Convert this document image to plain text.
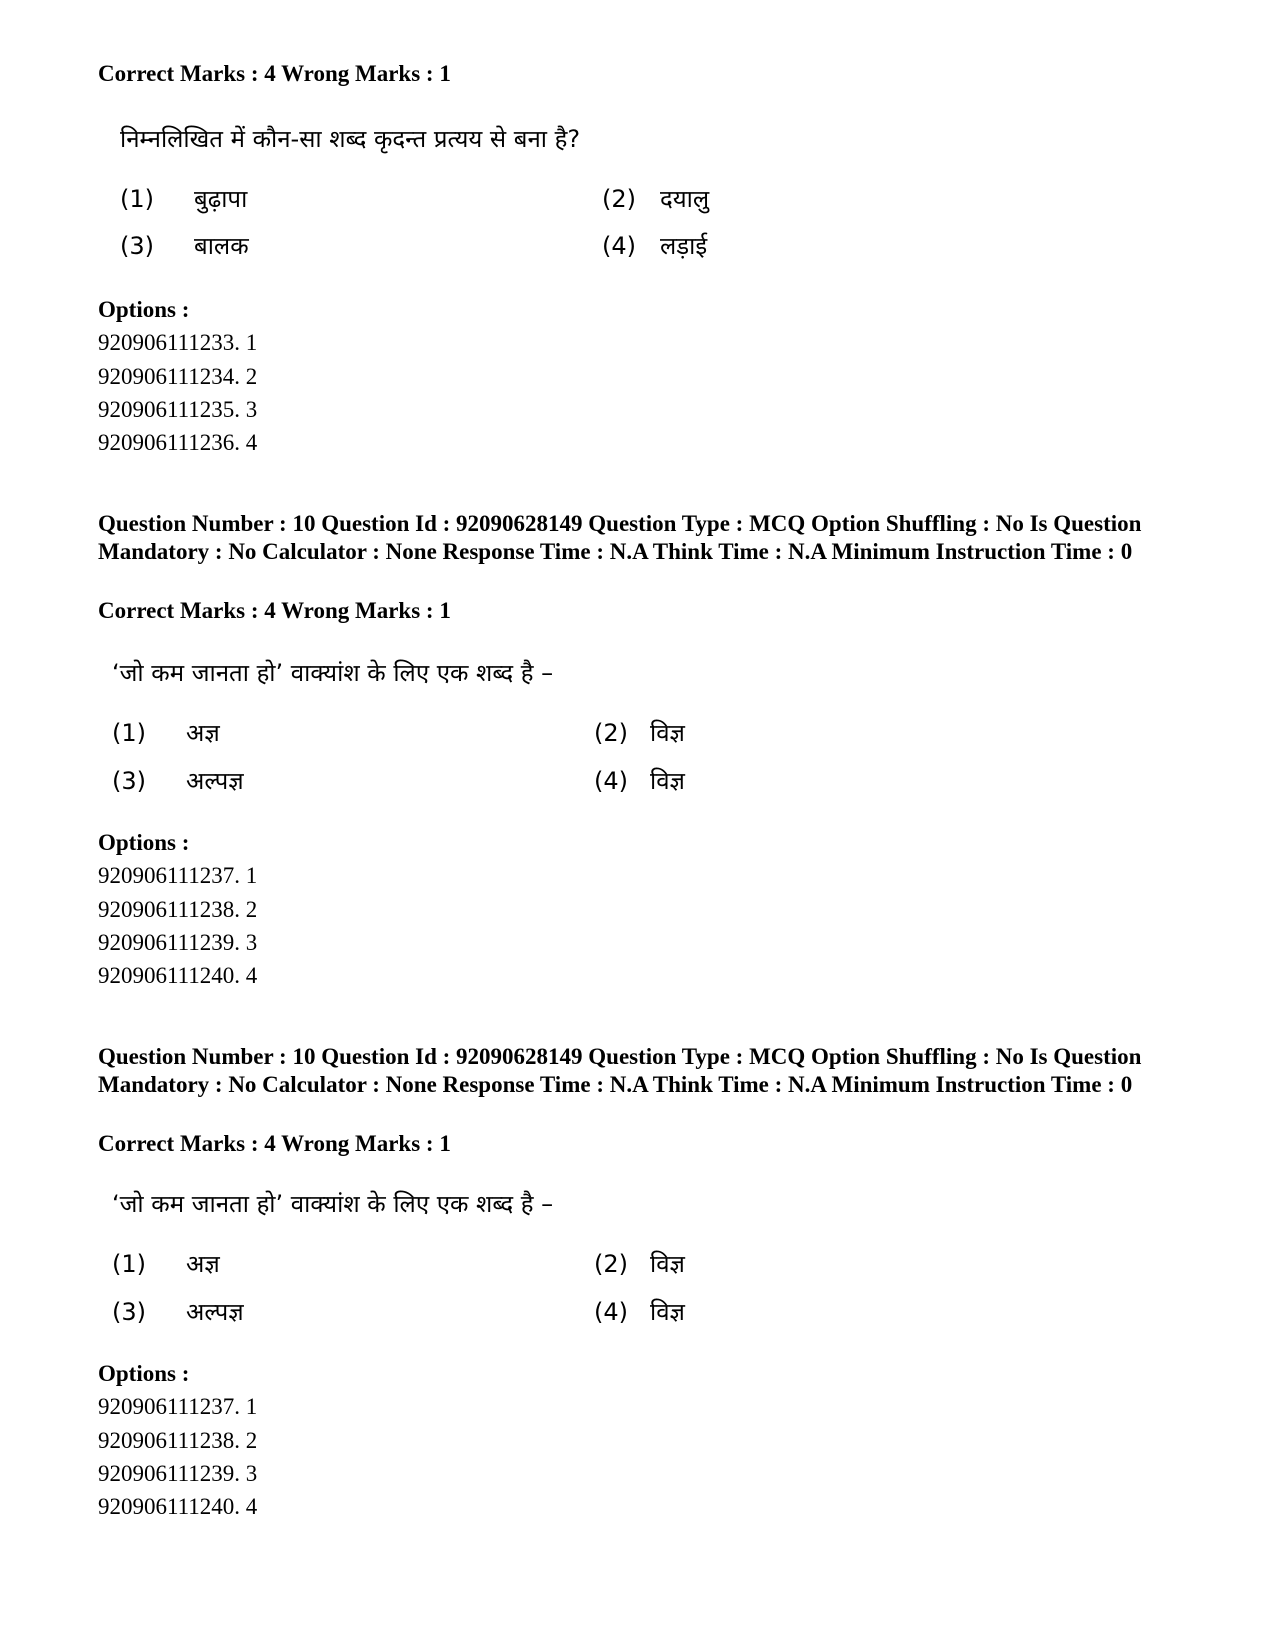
Correct Marks : 4 Wrong Marks : 1
निम्नलिखित में कौन-सा शब्द कृदन्त प्रत्यय से बना है?
(1) बुढ़ापा	(2) दयालु
(3) बालक	(4) लड़ाई
Options :
920906111233. 1
920906111234. 2
920906111235. 3
920906111236. 4
Question Number : 10 Question Id : 92090628149 Question Type : MCQ Option Shuffling : No Is Question Mandatory : No Calculator : None Response Time : N.A Think Time : N.A Minimum Instruction Time : 0
Correct Marks : 4 Wrong Marks : 1
‘जो कम जानता हो’ वाक्यांश के लिए एक शब्द है –
(1) अज्ञ	(2) विज्ञ
(3) अल्पज्ञ	(4) विज्ञ
Options :
920906111237. 1
920906111238. 2
920906111239. 3
920906111240. 4
Question Number : 10 Question Id : 92090628149 Question Type : MCQ Option Shuffling : No Is Question Mandatory : No Calculator : None Response Time : N.A Think Time : N.A Minimum Instruction Time : 0
Correct Marks : 4 Wrong Marks : 1
‘जो कम जानता हो’ वाक्यांश के लिए एक शब्द है –
(1) अज्ञ	(2) विज्ञ
(3) अल्पज्ञ	(4) विज्ञ
Options :
920906111237. 1
920906111238. 2
920906111239. 3
920906111240. 4
